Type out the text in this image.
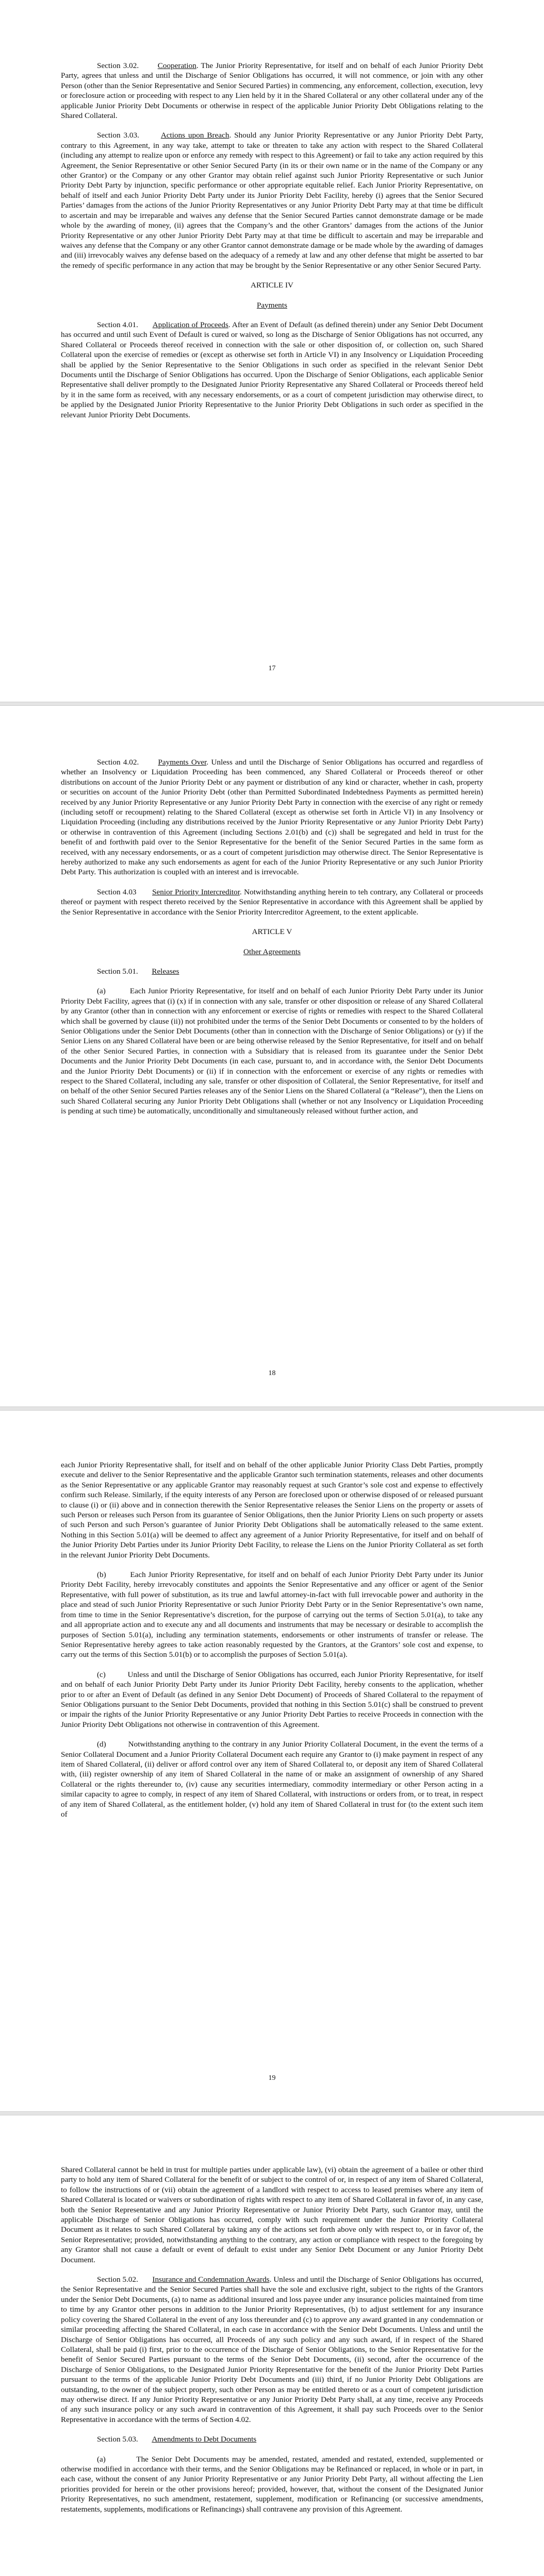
Section 3.02. Cooperation. The Junior Priority Representative, for itself and on behalf of each Junior Priority Debt Party, agrees that unless and until the Discharge of Senior Obligations has occurred, it will not commence, or join with any other Person (other than the Senior Representative and Senior Secured Parties) in commencing, any enforcement, collection, execution, levy or foreclosure action or proceeding with respect to any Lien held by it in the Shared Collateral or any other collateral under any of the applicable Junior Priority Debt Documents or otherwise in respect of the applicable Junior Priority Debt Obligations relating to the Shared Collateral.

Section 3.03.	Actions upon Breach. Should any Junior Priority Representative or any Junior Priority Debt Party, contrary to this Agreement, in any way take, attempt to take or threaten to take any action with respect to the Shared Collateral (including any attempt to realize upon or enforce any remedy with respect to this Agreement) or fail to take any action required by this Agreement, the Senior Representative or other Senior Secured Party (in its or their own name or in the name of the Company or any other Grantor) or the Company or any other Grantor may obtain relief against such Junior Priority Representative or such Junior Priority Debt Party by injunction, specific performance or other appropriate equitable relief. Each Junior Priority Representative, on behalf of itself and each Junior Priority Debt Party under its Junior Priority Debt Facility, hereby (i) agrees that the Senior Secured Parties’ damages from the actions of the Junior Priority Representatives or any Junior Priority Debt Party may at that time be difficult to ascertain and may be irreparable and waives any defense that the Senior Secured Parties cannot demonstrate damage or be made whole by the awarding of money, (ii) agrees that the Company’s and the other Grantors’ damages from the actions of the Junior Priority Representative or any other Junior Priority Debt Party may at that time be difficult to ascertain and may be irreparable and waives any defense that the Company or any other Grantor cannot demonstrate damage or be made whole by the awarding of damages and (iii) irrevocably waives any defense based on the adequacy of a remedy at law and any other defense that might be asserted to bar the remedy of specific performance in any action that may be brought by the Senior Representative or any other Senior Secured Party.

ARTICLE IV

Payments

Section 4.01. Application of Proceeds. After an Event of Default (as defined therein) under any Senior Debt Document has occurred and until such Event of Default is cured or waived, so long as the Discharge of Senior Obligations has not occurred, any Shared Collateral or Proceeds thereof received in connection with the sale or other disposition of, or collection on, such Shared Collateral upon the exercise of remedies or (except as otherwise set forth in Article VI) in any Insolvency or Liquidation Proceeding shall be applied by the Senior Representative to the Senior Obligations in such order as specified in the relevant Senior Debt Documents until the Discharge of Senior Obligations has occurred. Upon the Discharge of Senior Obligations, each applicable Senior Representative shall deliver promptly to the Designated Junior Priority Representative any Shared Collateral or Proceeds thereof held by it in the same form as received, with any necessary endorsements, or as a court of competent jurisdiction may otherwise direct, to be applied by the Designated Junior Priority Representative to the Junior Priority Debt Obligations in such order as specified in the relevant Junior Priority Debt Documents.

17

Section 4.02. Payments Over. Unless and until the Discharge of Senior Obligations has occurred and regardless of whether an Insolvency or Liquidation Proceeding has been commenced, any Shared Collateral or Proceeds thereof or other distributions on account of the Junior Priority Debt or any payment or distribution of any kind or character, whether in cash, property or securities on account of the Junior Priority Debt (other than Permitted Subordinated Indebtedness Payments as permitted herein) received by any Junior Priority Representative or any Junior Priority Debt Party in connection with the exercise of any right or remedy (including setoff or recoupment) relating to the Shared Collateral (except as otherwise set forth in Article VI) in any Insolvency or Liquidation Proceeding (including any distributions received by the Junior Priority Representative or any Junior Priority Debt Party) or otherwise in contravention of this Agreement (including Sections 2.01(b) and (c)) shall be segregated and held in trust for the benefit of and forthwith paid over to the Senior Representative for the benefit of the Senior Secured Parties in the same form as received, with any necessary endorsements, or as a court of competent jurisdiction may otherwise direct. The Senior Representative is hereby authorized to make any such endorsements as agent for each of the Junior Priority Representative or any such Junior Priority Debt Party. This authorization is coupled with an interest and is irrevocable.

Section 4.03 Senior Priority Intercreditor. Notwithstanding anything herein to teh contrary, any Collateral or proceeds thereof or payment with respect thereto received by the Senior Representative in accordance with this Agreement shall be applied by the Senior Representative in accordance with the Senior Priority Intercreditor Agreement, to the extent applicable.

ARTICLE V

Other Agreements

Section 5.01. Releases

(a)	Each Junior Priority Representative, for itself and on behalf of each Junior Priority Debt Party under its Junior Priority Debt Facility, agrees that (i) (x) if in connection with any sale, transfer or other disposition or release of any Shared Collateral by any Grantor (other than in connection with any enforcement or exercise of rights or remedies with respect to the Shared Collateral which shall be governed by clause (ii)) not prohibited under the terms of the Senior Debt Documents or consented to by the holders of Senior Obligations under the Senior Debt Documents (other than in connection with the Discharge of Senior Obligations) or (y) if the Senior Liens on any Shared Collateral have been or are being otherwise released by the Senior Representative, for itself and on behalf of the other Senior Secured Parties, in connection with a Subsidiary that is released from its guarantee under the Senior Debt Documents and the Junior Priority Debt Documents (in each case, pursuant to, and in accordance with, the Senior Debt Documents and the Junior Priority Debt Documents) or (ii) if in connection with the enforcement or exercise of any rights or remedies with respect to the Shared Collateral, including any sale, transfer or other disposition of Collateral, the Senior Representative, for itself and on behalf of the other Senior Secured Parties releases any of the Senior Liens on the Shared Collateral (a “Release”), then the Liens on such Shared Collateral securing any Junior Priority Debt Obligations shall (whether or not any Insolvency or Liquidation Proceeding is pending at such time) be automatically, unconditionally and simultaneously released without further action, and

18

each Junior Priority Representative shall, for itself and on behalf of the other applicable Junior Priority Class Debt Parties, promptly execute and deliver to the Senior Representative and the applicable Grantor such termination statements, releases and other documents as the Senior Representative or any applicable Grantor may reasonably request at such Grantor’s sole cost and expense to effectively confirm such Release. Similarly, if the equity interests of any Person are foreclosed upon or otherwise disposed of or released pursuant to clause (i) or (ii) above and in connection therewith the Senior Representative releases the Senior Liens on the property or assets of such Person or releases such Person from its guarantee of Senior Obligations, then the Junior Priority Liens on such property or assets of such Person and such Person’s guarantee of Junior Priority Debt Obligations shall be automatically released to the same extent. Nothing in this Section 5.01(a) will be deemed to affect any agreement of a Junior Priority Representative, for itself and on behalf of the Junior Priority Debt Parties under its Junior Priority Debt Facility, to release the Liens on the Junior Priority Collateral as set forth in the relevant Junior Priority Debt Documents.

(b)	Each Junior Priority Representative, for itself and on behalf of each Junior Priority Debt Party under its Junior Priority Debt Facility, hereby irrevocably constitutes and appoints the Senior Representative and any officer or agent of the Senior Representative, with full power of substitution, as its true and lawful attorney-in-fact with full irrevocable power and authority in the place and stead of such Junior Priority Representative or such Junior Priority Debt Party or in the Senior Representative’s own name, from time to time in the Senior Representative’s discretion, for the purpose of carrying out the terms of Section 5.01(a), to take any and all appropriate action and to execute any and all documents and instruments that may be necessary or desirable to accomplish the purposes of Section 5.01(a), including any termination statements, endorsements or other instruments of transfer or release. The Senior Representative hereby agrees to take action reasonably requested by the Grantors, at the Grantors’ sole cost and expense, to carry out the terms of this Section 5.01(b) or to accomplish the purposes of Section 5.01(a).

(c)	Unless and until the Discharge of Senior Obligations has occurred, each Junior Priority Representative, for itself and on behalf of each Junior Priority Debt Party under its Junior Priority Debt Facility, hereby consents to the application, whether prior to or after an Event of Default (as defined in any Senior Debt Document) of Proceeds of Shared Collateral to the repayment of Senior Obligations pursuant to the Senior Debt Documents, provided that nothing in this Section 5.01(c) shall be construed to prevent or impair the rights of the Junior Priority Representative or any Junior Priority Debt Parties to receive Proceeds in connection with the Junior Priority Debt Obligations not otherwise in contravention of this Agreement.

(d)	Notwithstanding anything to the contrary in any Junior Priority Collateral Document, in the event the terms of a Senior Collateral Document and a Junior Priority Collateral Document each require any Grantor to (i) make payment in respect of any item of Shared Collateral, (ii) deliver or afford control over any item of Shared Collateral to, or deposit any item of Shared Collateral with, (iii) register ownership of any item of Shared Collateral in the name of or make an assignment of ownership of any Shared Collateral or the rights thereunder to, (iv) cause any securities intermediary, commodity intermediary or other Person acting in a similar capacity to agree to comply, in respect of any item of Shared Collateral, with instructions or orders from, or to treat, in respect of any item of Shared Collateral, as the entitlement holder, (v) hold any item of Shared Collateral in trust for (to the extent such item of

19

Shared Collateral cannot be held in trust for multiple parties under applicable law), (vi) obtain the agreement of a bailee or other third party to hold any item of Shared Collateral for the benefit of or subject to the control of or, in respect of any item of Shared Collateral, to follow the instructions of or (vii) obtain the agreement of a landlord with respect to access to leased premises where any item of Shared Collateral is located or waivers or subordination of rights with respect to any item of Shared Collateral in favor of, in any case, both the Senior Representative and any Junior Priority Representative or Junior Priority Debt Party, such Grantor may, until the applicable Discharge of Senior Obligations has occurred, comply with such requirement under the Junior Priority Collateral Document as it relates to such Shared Collateral by taking any of the actions set forth above only with respect to, or in favor of, the Senior Representative; provided, notwithstanding anything to the contrary, any action or compliance with respect to the foregoing by any Grantor shall not cause a default or event of default to exist under any Senior Debt Document or any Junior Priority Debt Document.

Section 5.02. Insurance and Condemnation Awards. Unless and until the Discharge of Senior Obligations has occurred, the Senior Representative and the Senior Secured Parties shall have the sole and exclusive right, subject to the rights of the Grantors under the Senior Debt Documents, (a) to name as additional insured and loss payee under any insurance policies maintained from time to time by any Grantor other persons in addition to the Junior Priority Representatives, (b) to adjust settlement for any insurance policy covering the Shared Collateral in the event of any loss thereunder and (c) to approve any award granted in any condemnation or similar proceeding affecting the Shared Collateral, in each case in accordance with the Senior Debt Documents. Unless and until the Discharge of Senior Obligations has occurred, all Proceeds of any such policy and any such award, if in respect of the Shared Collateral, shall be paid (i) first, prior to the occurrence of the Discharge of Senior Obligations, to the Senior Representative for the benefit of Senior Secured Parties pursuant to the terms of the Senior Debt Documents, (ii) second, after the occurrence of the Discharge of Senior Obligations, to the Designated Junior Priority Representative for the benefit of the Junior Priority Debt Parties pursuant to the terms of the applicable Junior Priority Debt Documents and (iii) third, if no Junior Priority Debt Obligations are outstanding, to the owner of the subject property, such other Person as may be entitled thereto or as a court of competent jurisdiction may otherwise direct. If any Junior Priority Representative or any Junior Priority Debt Party shall, at any time, receive any Proceeds of any such insurance policy or any such award in contravention of this Agreement, it shall pay such Proceeds over to the Senior Representative in accordance with the terms of Section 4.02.

Section 5.03. Amendments to Debt Documents

(a)	The Senior Debt Documents may be amended, restated, amended and restated, extended, supplemented or otherwise modified in accordance with their terms, and the Senior Obligations may be Refinanced or replaced, in whole or in part, in each case, without the consent of any Junior Priority Representative or any Junior Priority Debt Party, all without affecting the Lien priorities provided for herein or the other provisions hereof; provided, however, that, without the consent of the Designated Junior Priority Representatives, no such amendment, restatement, supplement, modification or Refinancing (or successive amendments, restatements, supplements, modifications or Refinancings) shall contravene any provision of this Agreement.
